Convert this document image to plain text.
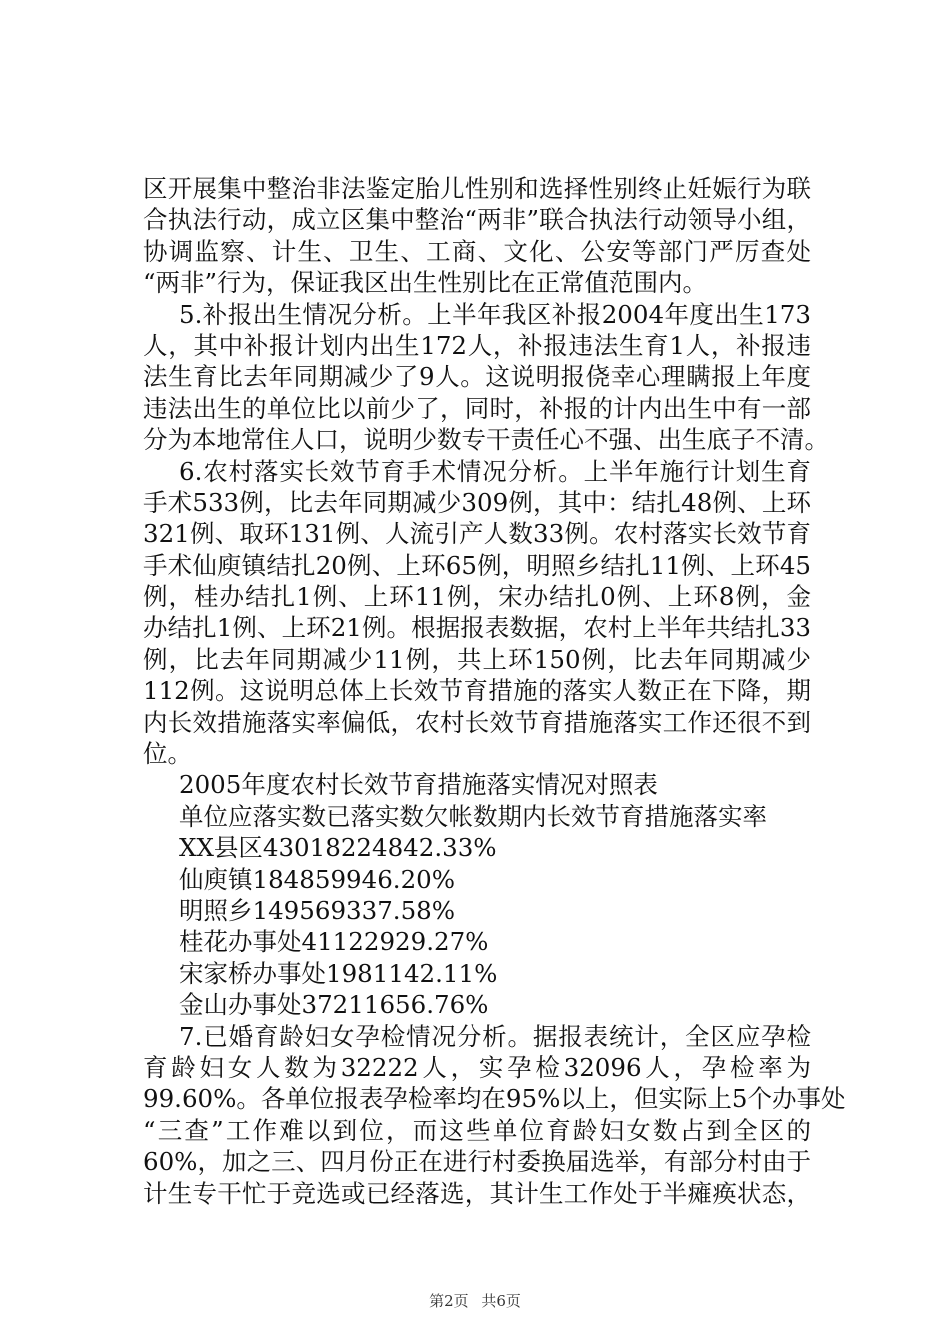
区开展集中整治非法鉴定胎儿性别和选择性别终止妊娠行为联
合执法行动，成立区集中整治“两非”联合执法行动领导小组，
协调监察、计生、卫生、工商、文化、公安等部门严厉查处
“两非”行为，保证我区出生性别比在正常值范围内。
5.补报出生情况分析。上半年我区补报2004年度出生173
人，其中补报计划内出生172人，补报违法生育1人，补报违
法生育比去年同期减少了9人。这说明报侥幸心理瞒报上年度
违法出生的单位比以前少了，同时，补报的计内出生中有一部
分为本地常住人口，说明少数专干责任心不强、出生底子不清。
6.农村落实长效节育手术情况分析。上半年施行计划生育
手术533例，比去年同期减少309例，其中：结扎48例、上环
321例、取环131例、人流引产人数33例。农村落实长效节育
手术仙庾镇结扎20例、上环65例，明照乡结扎11例、上环45
例，桂办结扎1例、上环11例，宋办结扎0例、上环8例，金
办结扎1例、上环21例。根据报表数据，农村上半年共结扎33
例，比去年同期减少11例，共上环150例，比去年同期减少
112例。这说明总体上长效节育措施的落实人数正在下降，期
内长效措施落实率偏低，农村长效节育措施落实工作还很不到
位。
2005年度农村长效节育措施落实情况对照表
单位应落实数已落实数欠帐数期内长效节育措施落实率
XX县区43018224842.33%
仙庾镇184859946.20%
明照乡149569337.58%
桂花办事处41122929.27%
宋家桥办事处1981142.11%
金山办事处37211656.76%
7.已婚育龄妇女孕检情况分析。据报表统计，全区应孕检
育龄妇女人数为32222人，实孕检32096人，孕检率为
99.60%。各单位报表孕检率均在95%以上，但实际上5个办事处
“三查”工作难以到位，而这些单位育龄妇女数占到全区的
60%，加之三、四月份正在进行村委换届选举，有部分村由于
计生专干忙于竞选或已经落选，其计生工作处于半瘫痪状态，
第2页 共6页
